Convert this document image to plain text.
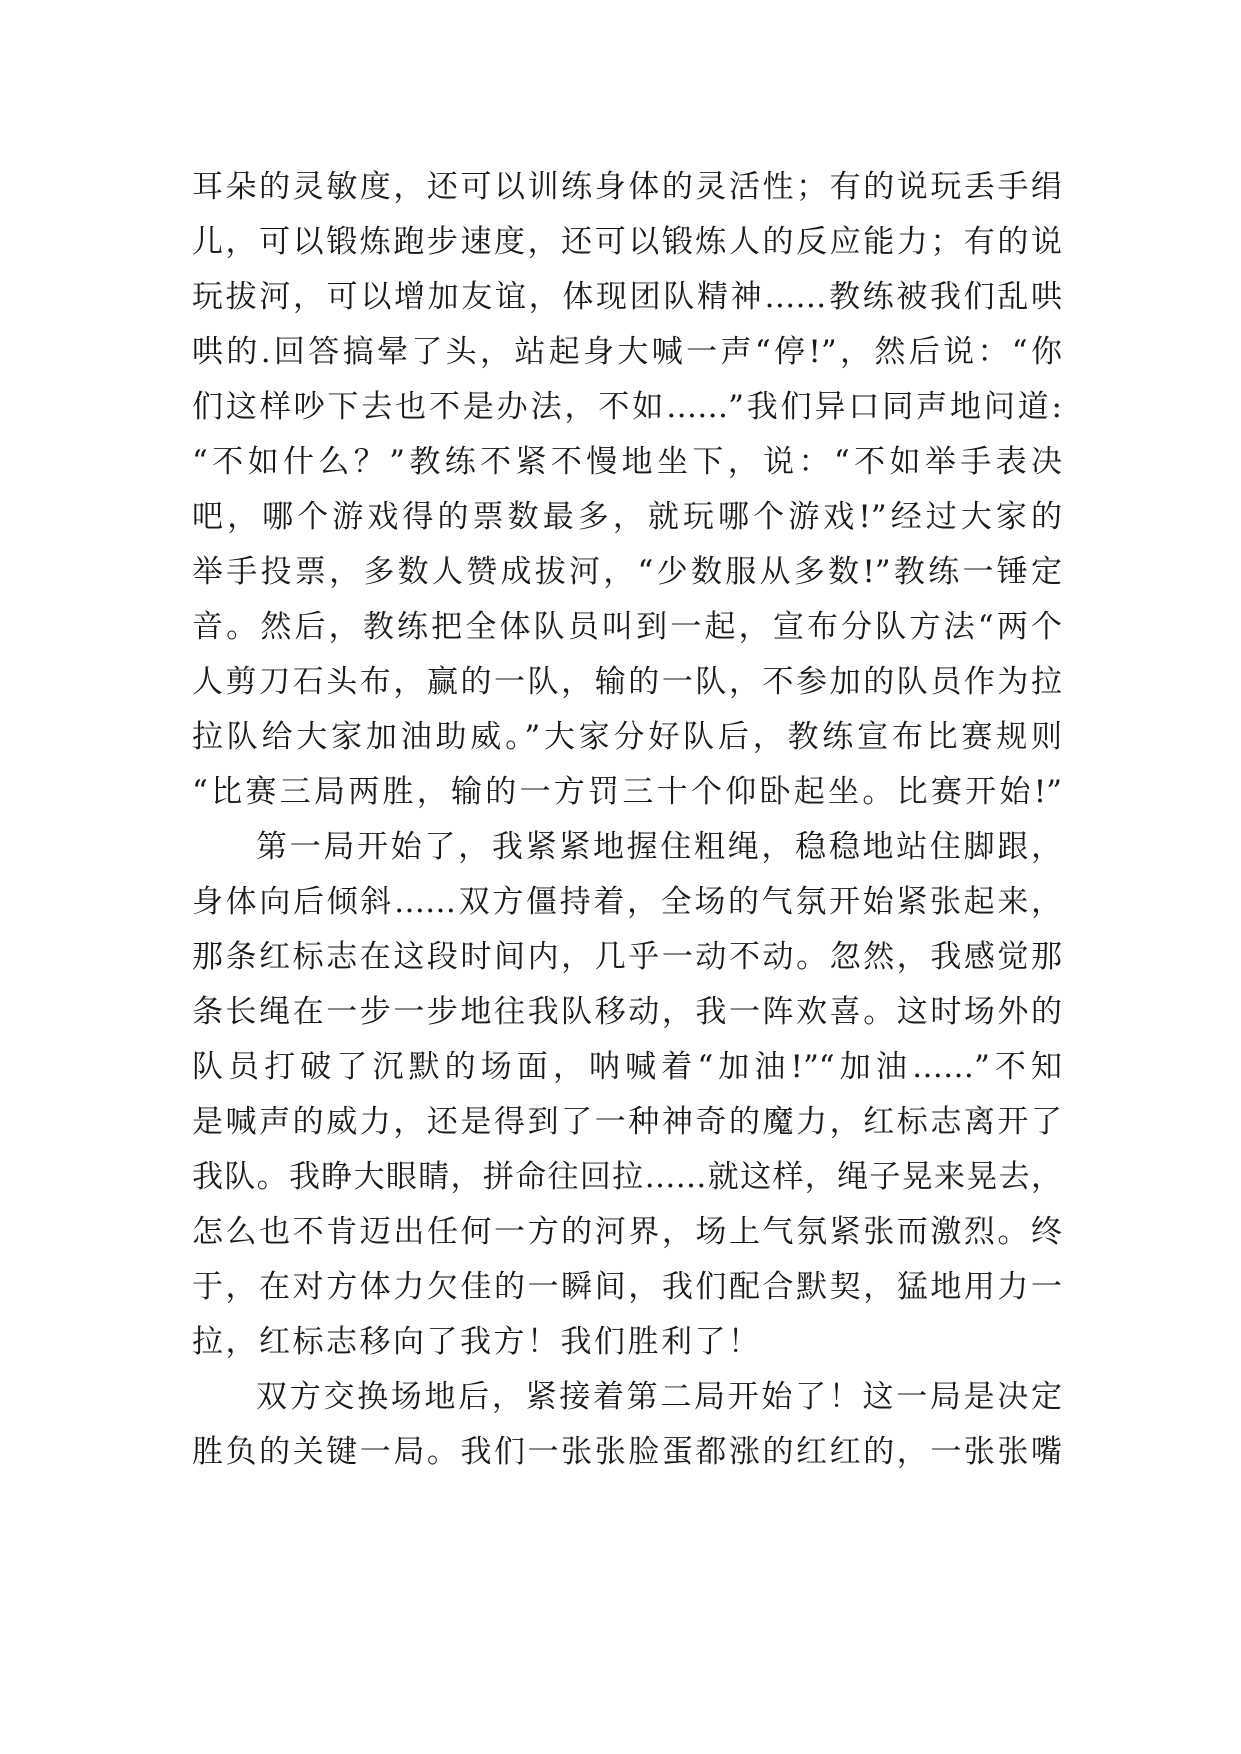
耳朵的灵敏度，还可以训练身体的灵活性；有的说玩丢手绢
儿，可以锻炼跑步速度，还可以锻炼人的反应能力；有的说
玩拔河，可以增加友谊，体现团队精神……教练被我们乱哄
哄的.回答搞晕了头，站起身大喊一声“停!”，然后说：“你
们这样吵下去也不是办法，不如……”我们异口同声地问道:
“不如什么？”教练不紧不慢地坐下，说：“不如举手表决
吧，哪个游戏得的票数最多，就玩哪个游戏!”经过大家的
举手投票，多数人赞成拔河，“少数服从多数!”教练一锤定
音。然后，教练把全体队员叫到一起，宣布分队方法“两个
人剪刀石头布，赢的一队，输的一队，不参加的队员作为拉
拉队给大家加油助威。”大家分好队后，教练宣布比赛规则
“比赛三局两胜，输的一方罚三十个仰卧起坐。比赛开始!”
第一局开始了，我紧紧地握住粗绳，稳稳地站住脚跟，
身体向后倾斜……双方僵持着，全场的气氛开始紧张起来，
那条红标志在这段时间内，几乎一动不动。忽然，我感觉那
条长绳在一步一步地往我队移动，我一阵欢喜。这时场外的
队员打破了沉默的场面，呐喊着“加油!”“加油……”不知
是喊声的威力，还是得到了一种神奇的魔力，红标志离开了
我队。我睁大眼睛，拼命往回拉……就这样，绳子晃来晃去，
怎么也不肯迈出任何一方的河界，场上气氛紧张而激烈。终
于，在对方体力欠佳的一瞬间，我们配合默契，猛地用力一
拉，红标志移向了我方！我们胜利了！
双方交换场地后，紧接着第二局开始了！这一局是决定
胜负的关键一局。我们一张张脸蛋都涨的红红的，一张张嘴
